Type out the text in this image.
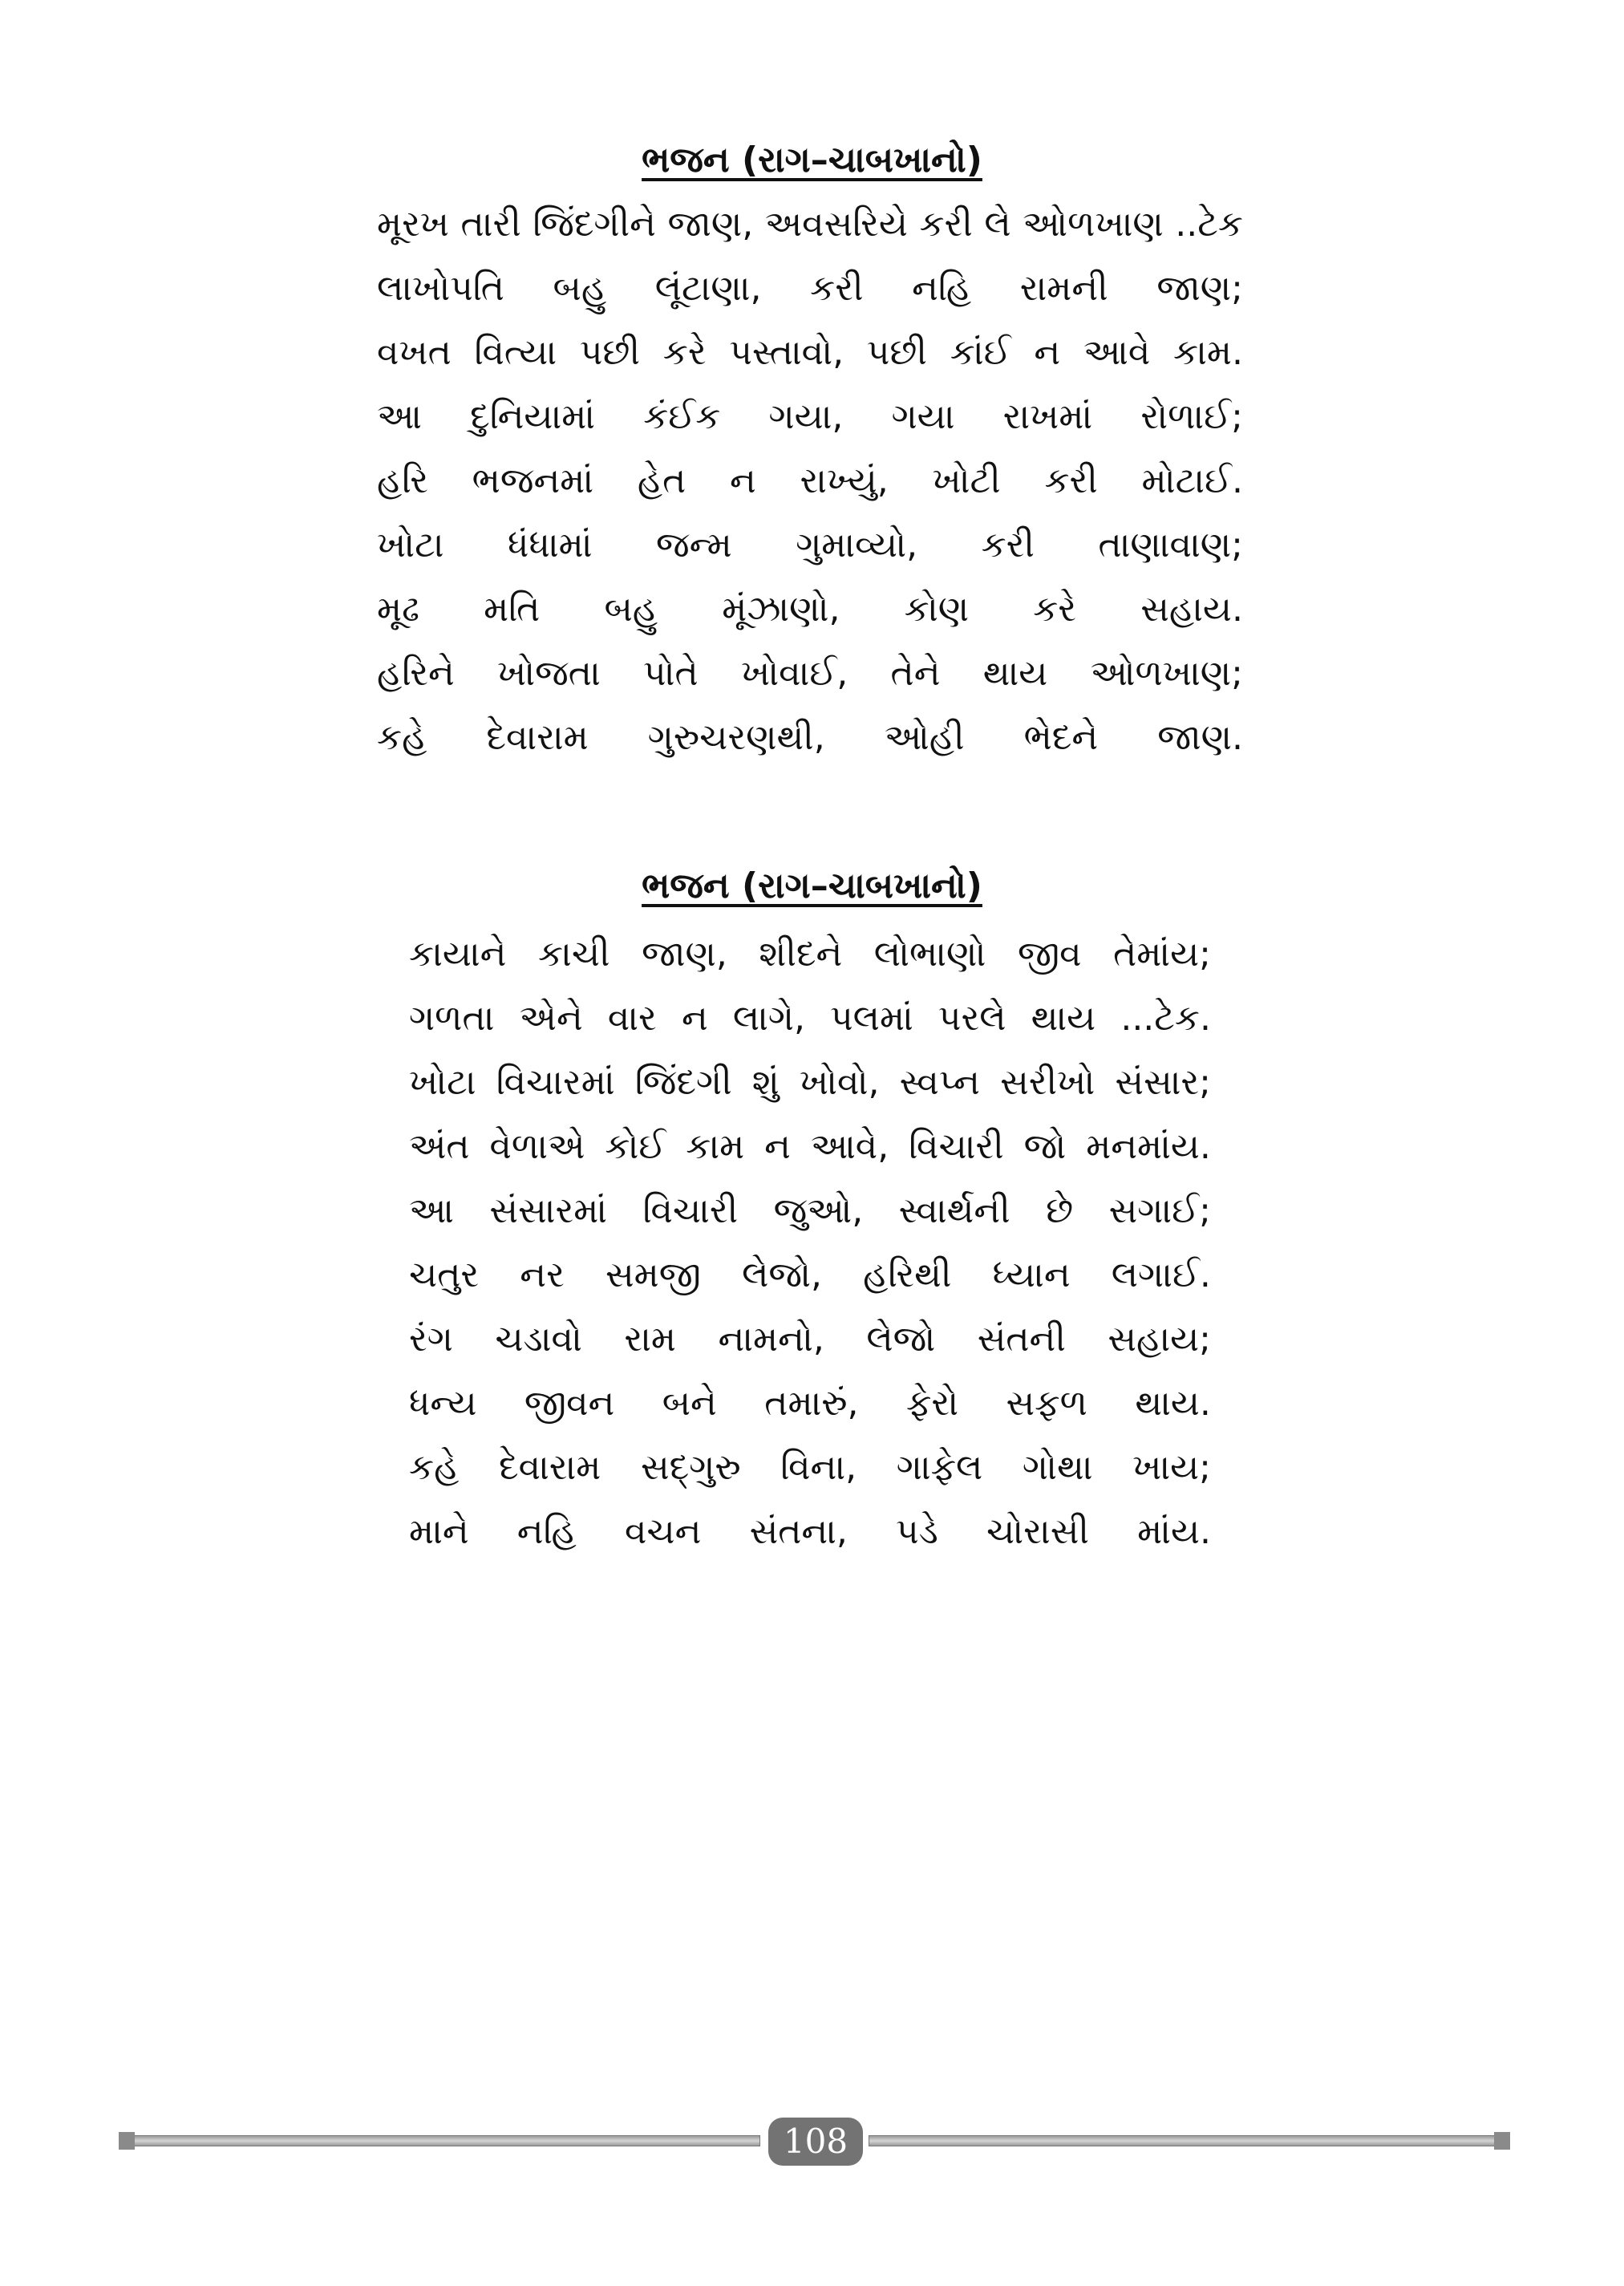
ભજન (રાગ–ચાબખાનો)
મૂરખ તારી જિંદગીને જાણ, અવસરિયે કરી લે ઓળખાણ ..ટેક
લાખોપતિ બહુ લૂંટાણા, કરી નહિ રામની જાણ;
વખત વિત્યા પછી કરે પસ્તાવો, પછી કાંઈ ન આવે કામ.
આ દુનિયામાં કંઈક ગયા, ગયા રાખમાં રોળાઈ;
હરિ ભજનમાં હેત ન રાખ્યું, ખોટી કરી મોટાઈ.
ખોટા ધંધામાં જન્મ ગુમાવ્યો, કરી તાણાવાણ;
મૂઢ મતિ બહુ મૂંઝાણો, કોણ કરે સહાય.
હરિને ખોજતા પોતે ખોવાઈ, તેને થાય ઓળખાણ;
કહે દેવારામ ગુરુચરણથી, ઓહી ભેદને જાણ.
ભજન (રાગ–ચાબખાનો)
કાયાને કાચી જાણ, શીદને લોભાણો જીવ તેમાંય;
ગળતા એને વાર ન લાગે, પલમાં પરલે થાય ...ટેક.
ખોટા વિચારમાં જિંદગી શું ખોવો, સ્વપ્ન સરીખો સંસાર;
અંત વેળાએ કોઈ કામ ન આવે, વિચારી જો મનમાંય.
આ સંસારમાં વિચારી જુઓ, સ્વાર્થની છે સગાઈ;
ચતુર નર સમજી લેજો, હરિથી ધ્યાન લગાઈ.
રંગ ચડાવો રામ નામનો, લેજો સંતની સહાય;
ધન્ય જીવન બને તમારું, ફેરો સફળ થાય.
કહે દેવારામ સદ્‌ગુરુ વિના, ગાફેલ ગોથા ખાય;
માને નહિ વચન સંતના, પડે ચોરાસી માંય.
108
